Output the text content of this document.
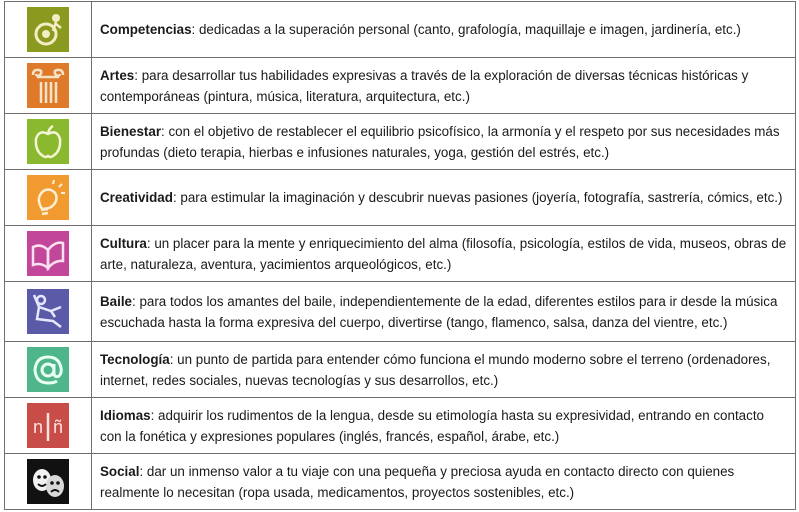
	Competencias: dedicadas a la superación personal (canto, grafología, maquillaje e imagen, jardinería, etc.)

	Artes: para desarrollar tus habilidades expresivas a través de la exploración de diversas técnicas históricas y contemporáneas (pintura, música, literatura, arquitectura, etc.)

	Bienestar: con el objetivo de restablecer el equilibrio psicofísico, la armonía y el respeto por sus necesidades más profundas (dieto terapia, hierbas e infusiones naturales, yoga, gestión del estrés, etc.)

	Creatividad: para estimular la imaginación y descubrir nuevas pasiones (joyería, fotografía, sastrería, cómics, etc.)

	Cultura: un placer para la mente y enriquecimiento del alma (filosofía, psicología, estilos de vida, museos, obras de arte, naturaleza, aventura, yacimientos arqueológicos, etc.)

	Baile: para todos los amantes del baile, independientemente de la edad, diferentes estilos para ir desde la música escuchada hasta la forma expresiva del cuerpo, divertirse (tango, flamenco, salsa, danza del vientre, etc.)

	Tecnología: un punto de partida para entender cómo funciona el mundo moderno sobre el terreno (ordenadores, internet, redes sociales, nuevas tecnologías y sus desarrollos, etc.)

n ñ	Idiomas: adquirir los rudimentos de la lengua, desde su etimología hasta su expresividad, entrando en contacto con la fonética y expresiones populares (inglés, francés, español, árabe, etc.)

	Social: dar un inmenso valor a tu viaje con una pequeña y preciosa ayuda en contacto directo con quienes realmente lo necesitan (ropa usada, medicamentos, proyectos sostenibles, etc.)
